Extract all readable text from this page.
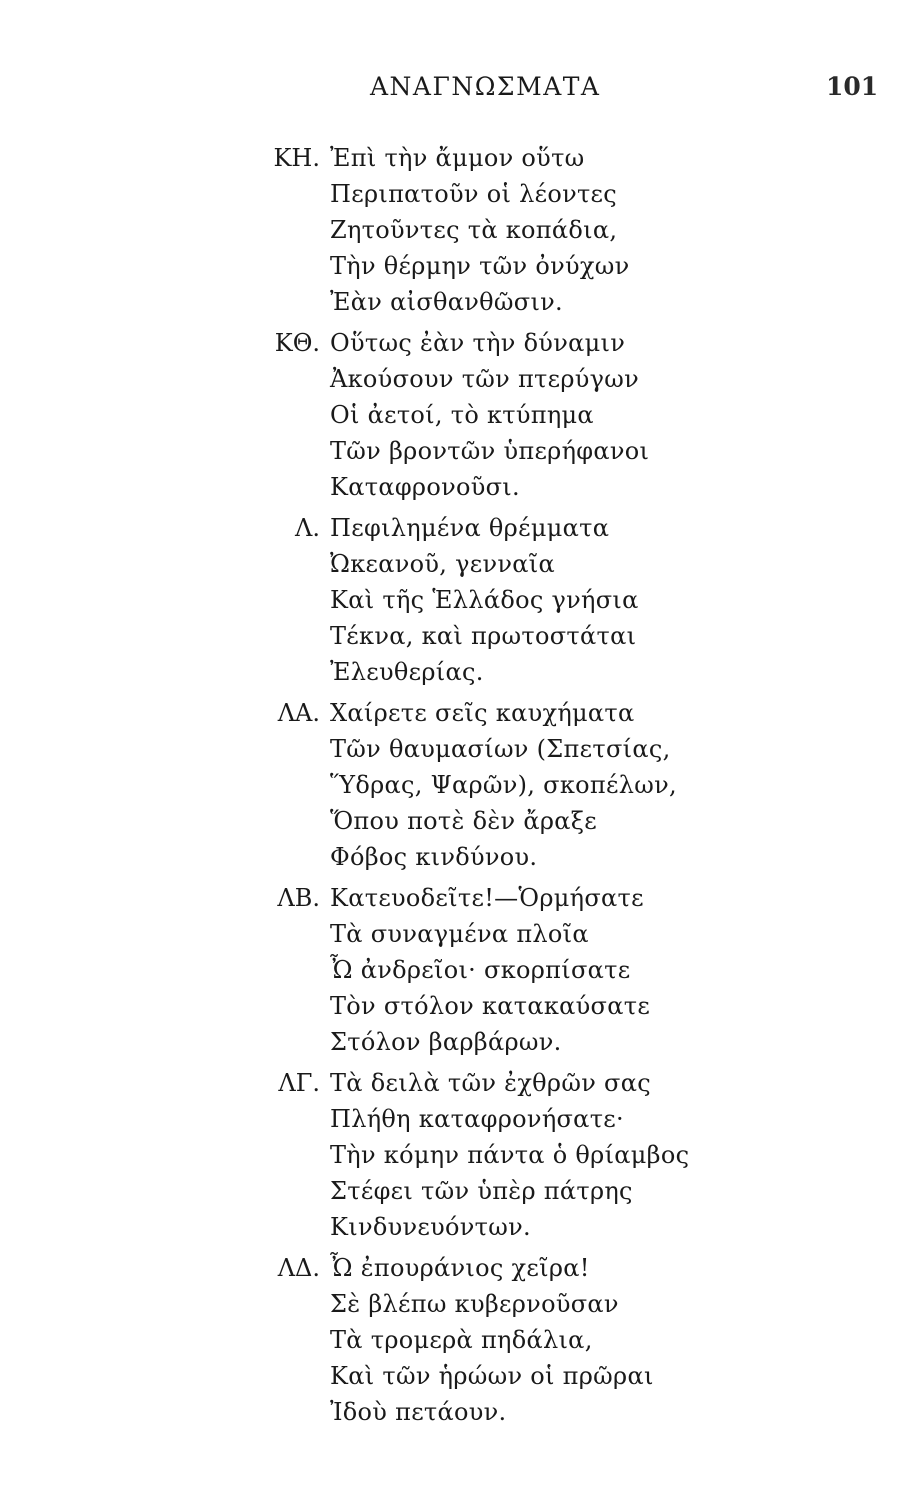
ΑΝΑΓΝΩΣΜΑΤΑ	101
ΚΗ. Ἐπὶ τὴν ἄμμον οὕτω
Περιπατοῦν οἱ λέοντες
Ζητοῦντες τὰ κοπάδια,
Τὴν θέρμην τῶν ὀνύχων
Ἐὰν αἰσθανθῶσιν.
ΚΘ. Οὕτως ἐὰν τὴν δύναμιν
Ἀκούσουν τῶν πτερύγων
Οἱ ἀετοί, τὸ κτύπημα
Τῶν βροντῶν ὑπερήφανοι
Καταφρονοῦσι.
Λ. Πεφιλημένα θρέμματα
Ὠκεανοῦ, γενναῖα
Καὶ τῆς Ἑλλάδος γνήσια
Τέκνα, καὶ πρωτοστάται
Ἐλευθερίας.
ΛΑ. Χαίρετε σεῖς καυχήματα
Τῶν θαυμασίων (Σπετσίας,
Ὕδρας, Ψαρῶν), σκοπέλων,
Ὅπου ποτὲ δὲν ἄραξε
Φόβος κινδύνου.
ΛΒ. Κατευοδεῖτε!—Ὁρμήσατε
Τὰ συναγμένα πλοῖα
Ὦ ἀνδρεῖοι· σκορπίσατε
Τὸν στόλον κατακαύσατε
Στόλον βαρβάρων.
ΛΓ. Τὰ δειλὰ τῶν ἐχθρῶν σας
Πλήθη καταφρονήσατε·
Τὴν κόμην πάντα ὁ θρίαμβος
Στέφει τῶν ὑπὲρ πάτρης
Κινδυνευόντων.
ΛΔ. Ὦ ἐπουράνιος χεῖρα!
Σὲ βλέπω κυβερνοῦσαν
Τὰ τρομερὰ πηδάλια,
Καὶ τῶν ἡρώων οἱ πρῶραι
Ἰδοὺ πετάουν.
